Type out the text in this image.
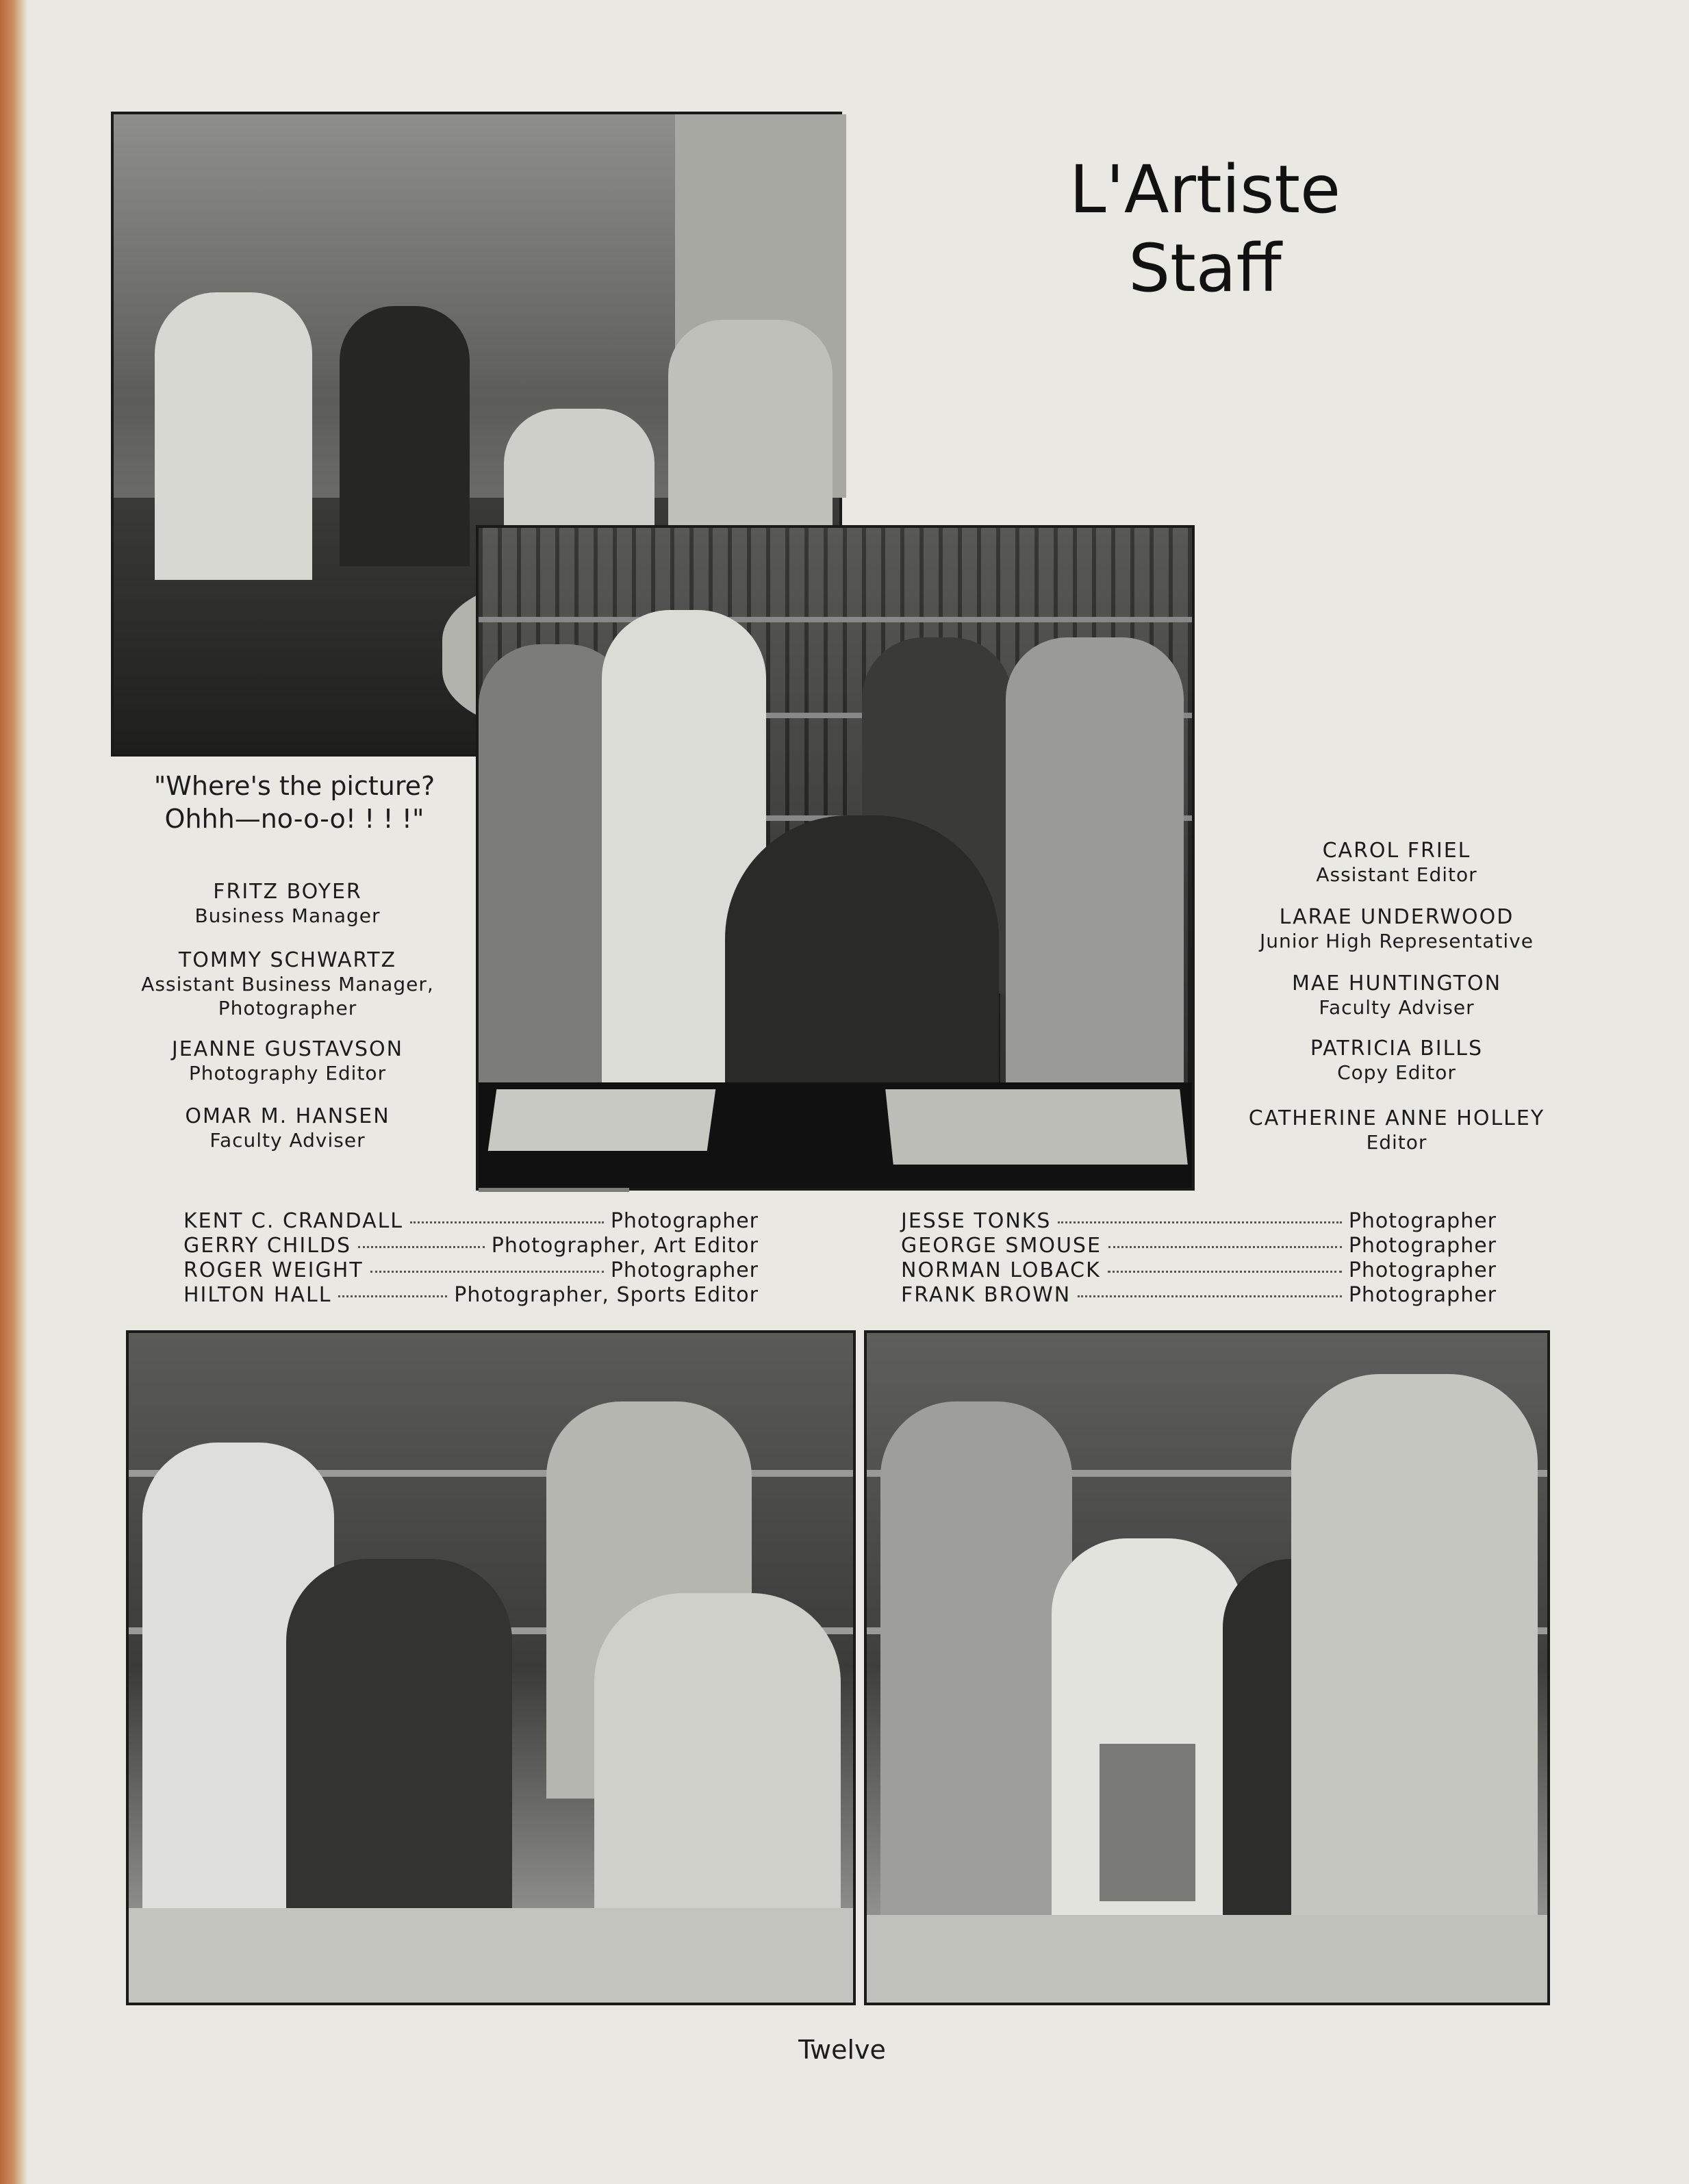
L'Artiste
Staff
"Where's the picture?
Ohhh—no-o-o! ! ! !"
FRITZ BOYER
Business Manager
TOMMY SCHWARTZ
Assistant Business Manager,
Photographer
JEANNE GUSTAVSON
Photography Editor
OMAR M. HANSEN
Faculty Adviser
CAROL FRIEL
Assistant Editor
LARAE UNDERWOOD
Junior High Representative
MAE HUNTINGTON
Faculty Adviser
PATRICIA BILLS
Copy Editor
CATHERINE ANNE HOLLEY
Editor
KENT C. CRANDALL	Photographer
GERRY CHILDS	Photographer, Art Editor
ROGER WEIGHT	Photographer
HILTON HALL	Photographer, Sports Editor
JESSE TONKS	Photographer
GEORGE SMOUSE	Photographer
NORMAN LOBACK	Photographer
FRANK BROWN	Photographer
Twelve
